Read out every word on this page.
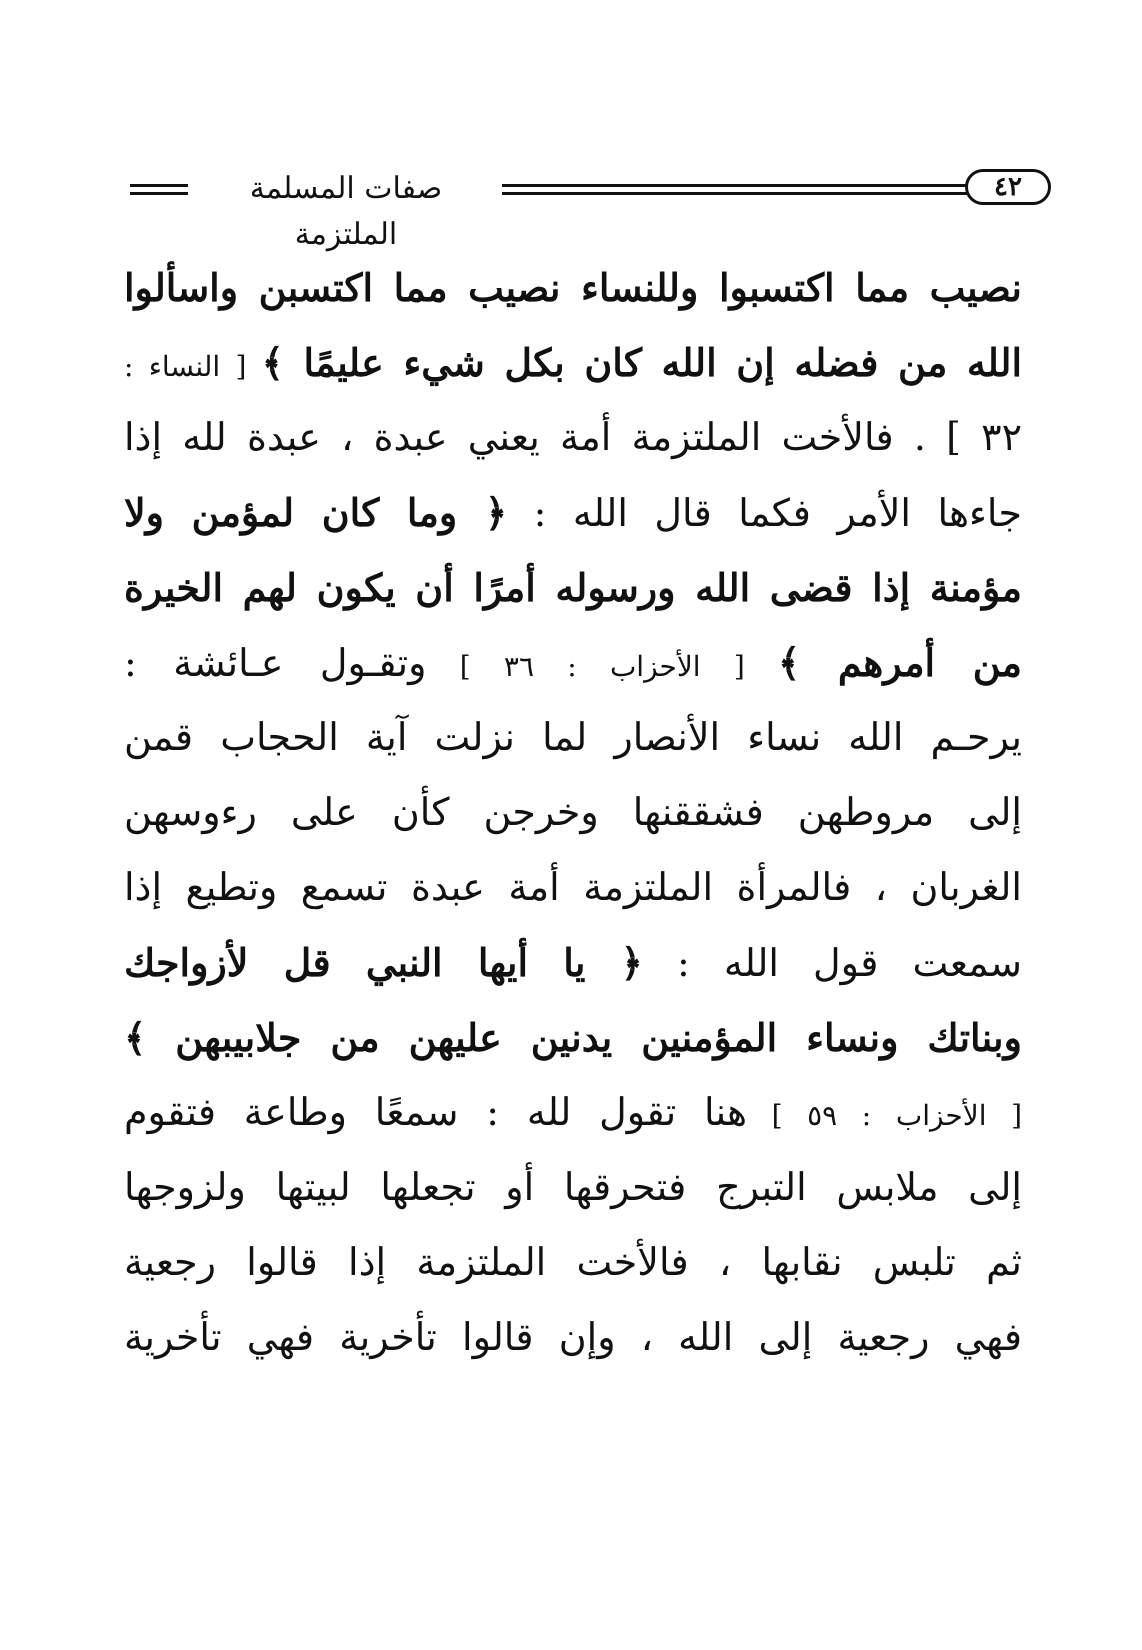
صفات المسلمة الملتزمة
٤٢
نصيب مما اكتسبوا وللنساء نصيب مما اكتسبن واسألوا
الله من فضله إن الله كان بكل شيء عليمًا ﴾ [ النساء :
٣٢ ] . فالأخت الملتزمة أمة يعني عبدة ، عبدة لله إذا
جاءها الأمر فكما قال الله : ﴿ وما كان لمؤمن ولا
مؤمنة إذا قضى الله ورسوله أمرًا أن يكون لهم الخيرة
من أمرهم ﴾ [ الأحزاب : ٣٦ ] وتقـول عـائشة :
يرحـم الله نساء الأنصار لما نزلت آية الحجاب قمن
إلى مروطهن فشققنها وخرجن كأن على رءوسهن
الغربان ، فالمرأة الملتزمة أمة عبدة تسمع وتطيع إذا
سمعت قول الله : ﴿ يا أيها النبي قل لأزواجك
وبناتك ونساء المؤمنين يدنين عليهن من جلابيبهن ﴾
[ الأحزاب : ٥٩ ] هنا تقول لله : سمعًا وطاعة فتقوم
إلى ملابس التبرج فتحرقها أو تجعلها لبيتها ولزوجها
ثم تلبس نقابها ، فالأخت الملتزمة إذا قالوا رجعية
فهي رجعية إلى الله ، وإن قالوا تأخرية فهي تأخرية
